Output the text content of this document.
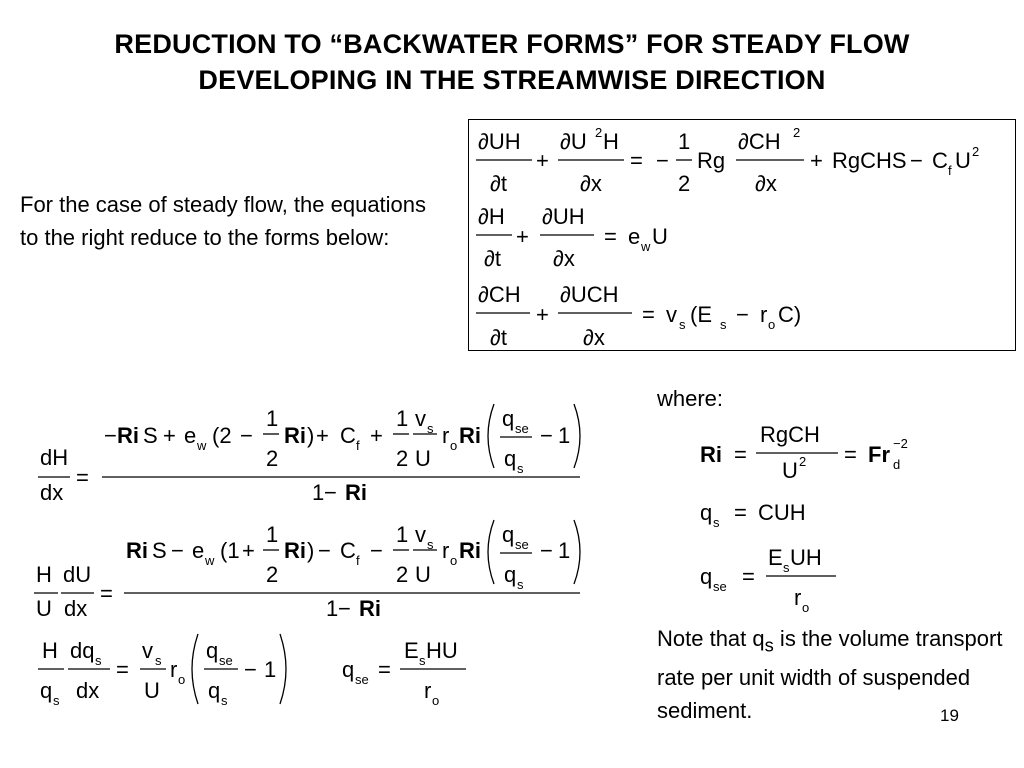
REDUCTION TO “BACKWATER FORMS” FOR STEADY FLOW
DEVELOPING IN THE STREAMWISE DIRECTION
For the case of steady flow, the equations to the right reduce to the forms below:
where:
Note that $q_s$ is the volume transport rate per unit width of suspended sediment.	19
∂UH
∂t
+
∂U 2 H
∂x
= −
1
2
Rg
∂CH 2
∂x
+ RgCHS − C f U 2
∂H
∂t
+
∂UH
∂x
= e w U
∂CH
∂t
+
∂UCH
∂x
= v s (E s − r o C)
dH
dx
=
− Ri S + e w (2 −
1
2
Ri ) + C f +
1
2
v s
U
r o Ri
q se
q s
− 1
1 − Ri
H
U
dU
dx
=
Ri S − e w (1 +
1
2
Ri ) − C f −
1
2
v s
U
r o Ri
q se
q s
− 1
1 − Ri
H
q s
dq s
dx
=
v s
U
r o
q se
q s
− 1	q se =
E s HU
r o
Ri =
RgCH
U 2 = Fr −2
d
q s = CUH
q se =
E s UH
r o
